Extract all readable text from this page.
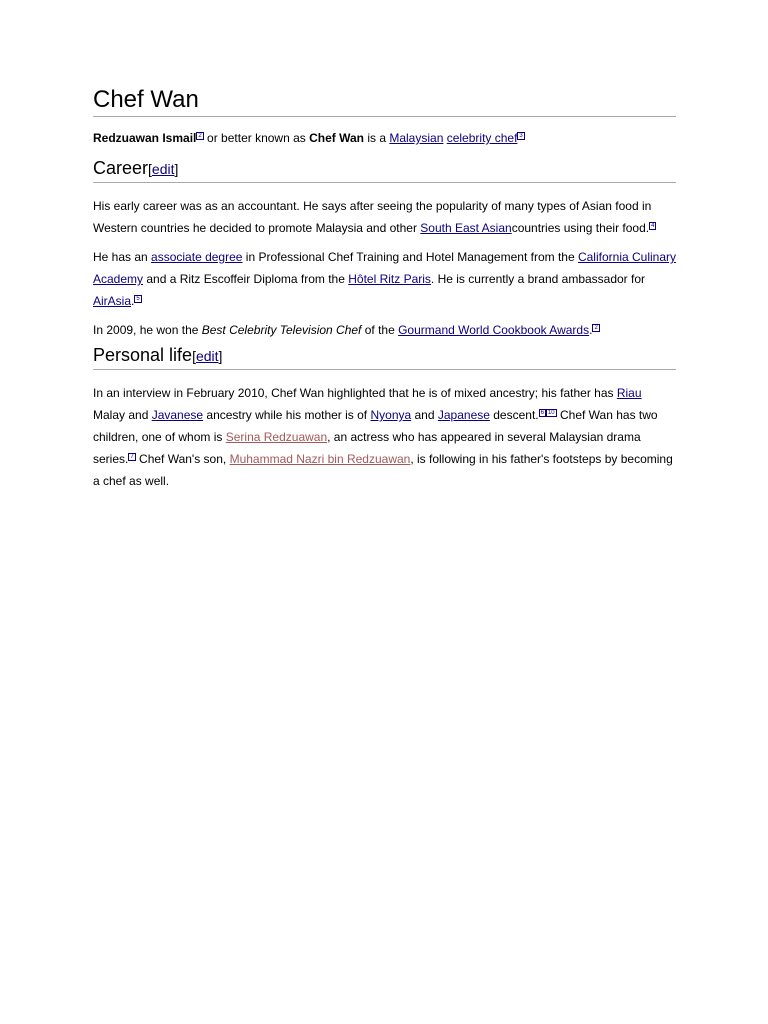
Chef Wan

Redzuawan Ismail $^2$ or better known as Chef Wan is a Malaysian celebrity chef $^3$

Career[edit]

His early career was as an accountant. He says after seeing the popularity of many types of Asian food in Western countries he decided to promote Malaysia and other South East Asiancountries using their food. $^4$

He has an associate degree in Professional Chef Training and Hotel Management from the California Culinary Academy and a Ritz Escoffeir Diploma from the Hôtel Ritz Paris. He is currently a brand ambassador for AirAsia. $^5$

In 2009, he won the Best Celebrity Television Chef of the Gourmand World Cookbook Awards. $^2$

Personal life[edit]

In an interview in February 2010, Chef Wan highlighted that he is of mixed ancestry; his father has Riau Malay and Javanese ancestry while his mother is of Nyonya and Japanese descent. $^{6 10}$ Chef Wan has two children, one of whom is Serina Redzuawan, an actress who has appeared in several Malaysian drama series. $^7$ Chef Wan's son, Muhammad Nazri bin Redzuawan, is following in his father's footsteps by becoming a chef as well.
